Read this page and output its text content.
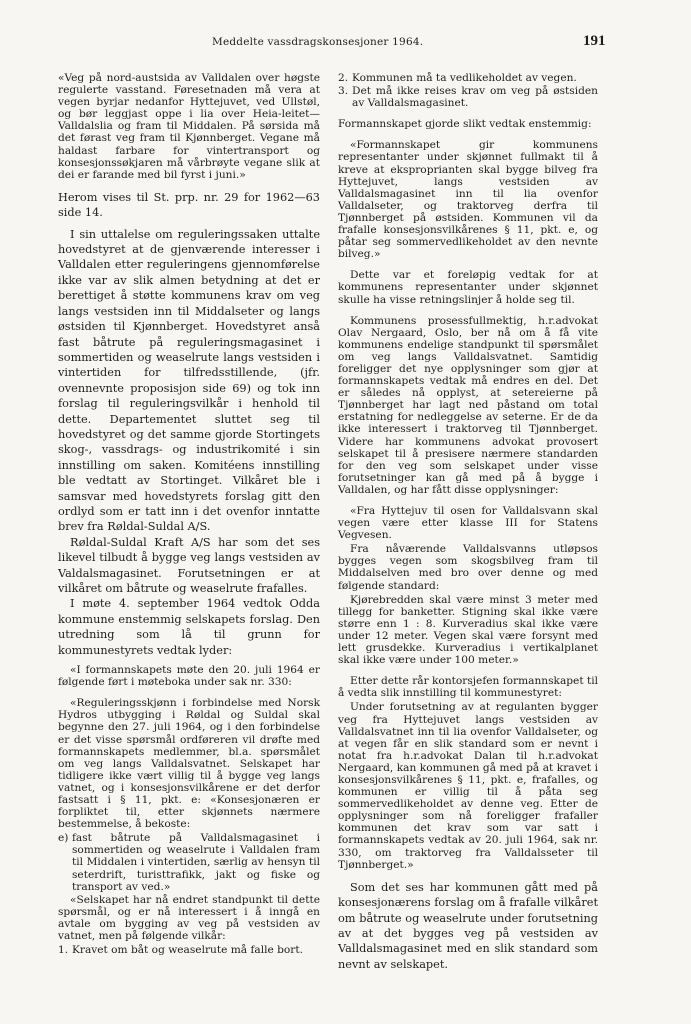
Meddelte vassdragskonsesjoner 1964.	191

«Veg på nord-austsida av Valldalen over høgste regulerte vasstand. Føresetnaden må vera at vegen byrjar nedanfor Hyttejuvet, ved Ullstøl, og bør leggjast oppe i lia over Heia-leitet—Valldalslia og fram til Middalen. På sørsida må det førast veg fram til Kjønnberget. Vegane må haldast farbare for vintertransport og konsesjonssøkjaren må vårbrøyte vegane slik at dei er farande med bil fyrst i juni.»

Herom vises til St. prp. nr. 29 for 1962—63 side 14.

I sin uttalelse om reguleringssaken uttalte hovedstyret at de gjenværende interesser i Valldalen etter reguleringens gjennomførelse ikke var av slik almen betydning at det er berettiget å støtte kommunens krav om veg langs vestsiden inn til Middalseter og langs østsiden til Kjønnberget. Hovedstyret anså fast båtrute på reguleringsmagasinet i sommertiden og weaselrute langs vestsiden i vintertiden for tilfredsstillende, (jfr. ovennevnte proposisjon side 69) og tok inn forslag til reguleringsvilkår i henhold til dette. Departementet sluttet seg til hovedstyret og det samme gjorde Stortingets skog-, vassdrags- og industrikomité i sin innstilling om saken. Komitéens innstilling ble vedtatt av Stortinget. Vilkåret ble i samsvar med hovedstyrets forslag gitt den ordlyd som er tatt inn i det ovenfor inntatte brev fra Røldal-Suldal A/S.

Røldal-Suldal Kraft A/S har som det ses likevel tilbudt å bygge veg langs vestsiden av Valdalsmagasinet. Forutsetningen er at vilkåret om båtrute og weaselrute frafalles.

I møte 4. september 1964 vedtok Odda kommune enstemmig selskapets forslag. Den utredning som lå til grunn for kommunestyrets vedtak lyder:

«I formannskapets møte den 20. juli 1964 er følgende ført i møteboka under sak nr. 330:

«Reguleringsskjønn i forbindelse med Norsk Hydros utbygging i Røldal og Suldal skal begynne den 27. juli 1964, og i den forbindelse er det visse spørsmål ordføreren vil drøfte med formannskapets medlemmer, bl.a. spørsmålet om veg langs Valldalsvatnet. Selskapet har tidligere ikke vært villig til å bygge veg langs vatnet, og i konsesjonsvilkårene er det derfor fastsatt i § 11, pkt. e: «Konsesjonæren er forpliktet til, etter skjønnets nærmere bestemmelse, å bekoste:

e) fast båtrute på Valldalsmagasinet i sommertiden og weaselrute i Valldalen fram til Middalen i vintertiden, særlig av hensyn til seterdrift, turisttrafikk, jakt og fiske og transport av ved.»

«Selskapet har nå endret standpunkt til dette spørsmål, og er nå interessert i å inngå en avtale om bygging av veg på vestsiden av vatnet, men på følgende vilkår:

1. Kravet om båt og weaselrute må falle bort.
2. Kommunen må ta vedlikeholdet av vegen.
3. Det må ikke reises krav om veg på østsiden av Valldalsmagasinet.

Formannskapet gjorde slikt vedtak enstemmig:

«Formannskapet gir kommunens representanter under skjønnet fullmakt til å kreve at eksproprianten skal bygge bilveg fra Hyttejuvet, langs vestsiden av Valldalsmagasinet inn til lia ovenfor Valldalseter, og traktorveg derfra til Tjønnberget på østsiden. Kommunen vil da frafalle konsesjonsvilkårenes § 11, pkt. e, og påtar seg sommervedlikeholdet av den nevnte bilveg.»

Dette var et foreløpig vedtak for at kommunens representanter under skjønnet skulle ha visse retningslinjer å holde seg til.

Kommunens prosessfullmektig, h.r.advokat Olav Nergaard, Oslo, ber nå om å få vite kommunens endelige standpunkt til spørsmålet om veg langs Valldalsvatnet. Samtidig foreligger det nye opplysninger som gjør at formannskapets vedtak må endres en del. Det er således nå opplyst, at setereierne på Tjønnberget har lagt ned påstand om total erstatning for nedleggelse av seterne. Er de da ikke interessert i traktorveg til Tjønnberget. Videre har kommunens advokat provosert selskapet til å presisere nærmere standarden for den veg som selskapet under visse forutsetninger kan gå med på å bygge i Valldalen, og har fått disse opplysninger:

«Fra Hyttejuv til osen for Valldalsvann skal vegen være etter klasse III for Statens Vegvesen.

Fra nåværende Valldalsvanns utløpsos bygges vegen som skogsbilveg fram til Middalselven med bro over denne og med følgende standard:

Kjørebredden skal være minst 3 meter med tillegg for banketter. Stigning skal ikke være større enn 1 : 8. Kurveradius skal ikke være under 12 meter. Vegen skal være forsynt med lett grusdekke. Kurveradius i vertikalplanet skal ikke være under 100 meter.»

Etter dette rår kontorsjefen formannskapet til å vedta slik innstilling til kommunestyret:

Under forutsetning av at regulanten bygger veg fra Hyttejuvet langs vestsiden av Valldalsvatnet inn til lia ovenfor Valldalseter, og at vegen får en slik standard som er nevnt i notat fra h.r.advokat Dalan til h.r.advokat Nergaard, kan kommunen gå med på at kravet i konsesjonsvilkårenes § 11, pkt. e, frafalles, og kommunen er villig til å påta seg sommervedlikeholdet av denne veg. Etter de opplysninger som nå foreligger frafaller kommunen det krav som var satt i formannskapets vedtak av 20. juli 1964, sak nr. 330, om traktorveg fra Valldalsseter til Tjønnberget.»

Som det ses har kommunen gått med på konsesjonærens forslag om å frafalle vilkåret om båtrute og weaselrute under forutsetning av at det bygges veg på vestsiden av Valldalsmagasinet med en slik standard som nevnt av selskapet.
